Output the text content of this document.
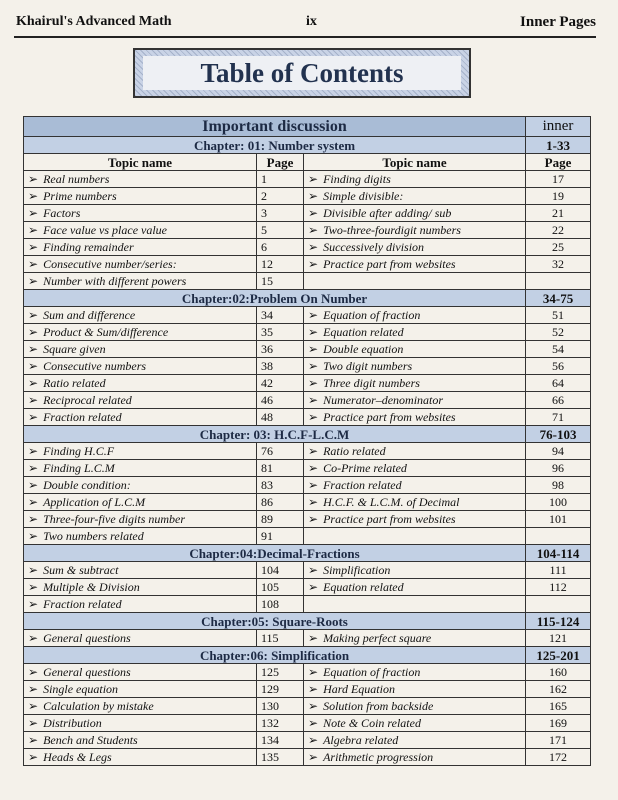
Khairul's Advanced Math	ix	Inner Pages
Table of Contents
Important discussion			inner
Chapter: 01: Number system			1-33
Topic name	Page	Topic name	Page
➢ Real numbers	1	➢ Finding digits	17
➢ Prime numbers	2	➢ Simple divisible:	19
➢ Factors	3	➢ Divisible after adding/ sub	21
➢ Face value vs place value	5	➢ Two-three-fourdigit numbers	22
➢ Finding remainder	6	➢ Successively division	25
➢ Consecutive number/series:	12	➢ Practice part from websites	32
➢ Number with different powers	15		
Chapter:02:Problem On Number			34-75
➢ Sum and difference	34	➢ Equation of fraction	51
➢ Product & Sum/difference	35	➢ Equation related	52
➢ Square given	36	➢ Double equation	54
➢ Consecutive numbers	38	➢ Two digit numbers	56
➢ Ratio related	42	➢ Three digit numbers	64
➢ Reciprocal related	46	➢ Numerator–denominator	66
➢ Fraction related	48	➢ Practice part from websites	71
Chapter: 03: H.C.F-L.C.M			76-103
➢ Finding H.C.F	76	➢ Ratio related	94
➢ Finding L.C.M	81	➢ Co-Prime related	96
➢ Double condition:	83	➢ Fraction related	98
➢ Application of L.C.M	86	➢ H.C.F. & L.C.M. of Decimal	100
➢ Three-four-five digits number	89	➢ Practice part from websites	101
➢ Two numbers related	91		
Chapter:04:Decimal-Fractions			104-114
➢ Sum & subtract	104	➢ Simplification	111
➢ Multiple & Division	105	➢ Equation related	112
➢ Fraction related	108		
Chapter:05: Square-Roots			115-124
➢ General questions	115	➢ Making perfect square	121
Chapter:06: Simplification			125-201
➢ General questions	125	➢ Equation of fraction	160
➢ Single equation	129	➢ Hard Equation	162
➢ Calculation by mistake	130	➢ Solution from backside	165
➢ Distribution	132	➢ Note & Coin related	169
➢ Bench and Students	134	➢ Algebra related	171
➢ Heads & Legs	135	➢ Arithmetic progression	172
